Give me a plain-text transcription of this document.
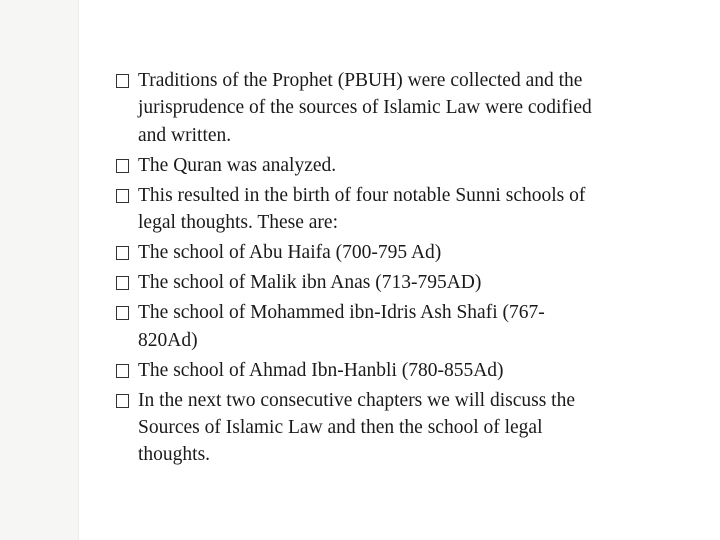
Traditions of the Prophet (PBUH) were collected and the
jurisprudence of the sources of Islamic Law were codified
and written.
The Quran was analyzed.
This resulted in the birth of four notable Sunni schools of
legal thoughts. These are:
The school of Abu Haifa (700-795 Ad)
The school of Malik ibn Anas (713-795AD)
The school of Mohammed ibn-Idris Ash Shafi (767-
820Ad)
The school of Ahmad Ibn-Hanbli (780-855Ad)
In the next two consecutive chapters we will discuss the
Sources of Islamic Law and then the school of legal
thoughts.
